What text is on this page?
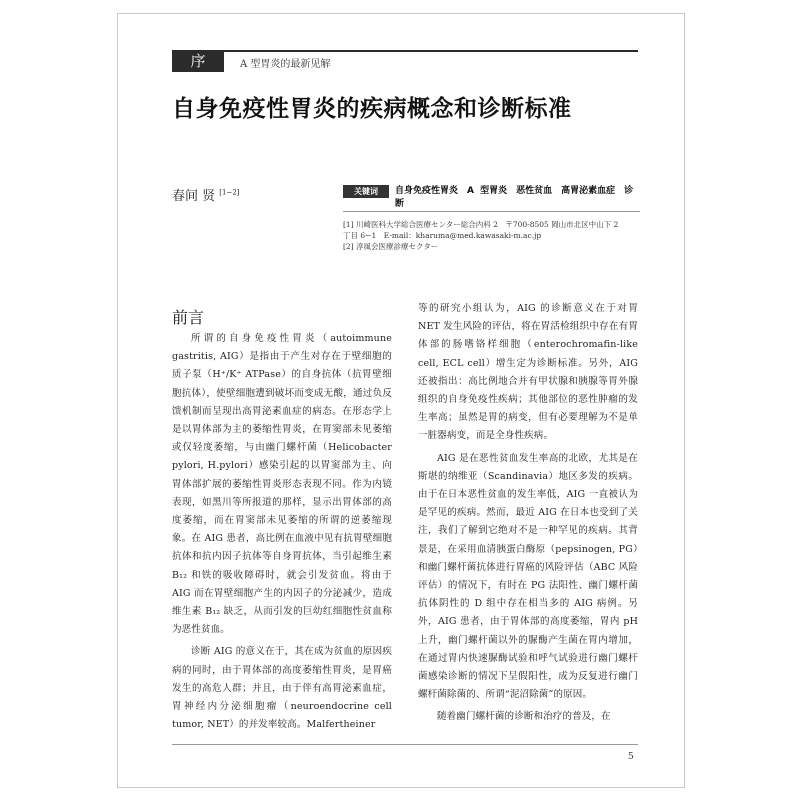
序	A 型胃炎的最新见解
自身免疫性胃炎的疾病概念和诊断标准
春间 贤 [1−2]	关键词	自身免疫性胃炎　A 型胃炎　恶性贫血　高胃泌素血症　诊断
[1] 川崎医科大学総合医療センター総合内科 2　〒700-8505 岡山市北区中山下 2
丁目 6−1　E-mail：kharuma@med.kawasaki-m.ac.jp
[2] 淳風会医療診療セクター
前言

所谓的自身免疫性胃炎（autoimmune gastritis, AIG）是指由于产生对存在于壁细胞的质子泵（H⁺/K⁺ ATPase）的自身抗体（抗胃壁细胞抗体），使壁细胞遭到破坏而变成无酸，通过负反馈机制而呈现出高胃泌素血症的病态。在形态学上是以胃体部为主的萎缩性胃炎，在胃窦部未见萎缩或仅轻度萎缩，与由幽门螺杆菌（Helicobacter pylori, H.pylori）感染引起的以胃窦部为主、向胃体部扩展的萎缩性胃炎形态表现不同。作为内镜表现，如黑川等所报道的那样，显示出胃体部的高度萎缩，而在胃窦部未见萎缩的所谓的逆萎缩现象。在 AIG 患者，高比例在血液中见有抗胃壁细胞抗体和抗内因子抗体等自身胃抗体，当引起维生素 B₁₂ 和铁的吸收障碍时，就会引发贫血。将由于 AIG 而在胃壁细胞产生的内因子的分泌减少，造成维生素 B₁₂ 缺乏，从而引发的巨幼红细胞性贫血称为恶性贫血。

诊断 AIG 的意义在于，其在成为贫血的原因疾病的同时，由于胃体部的高度萎缩性胃炎，是胃癌发生的高危人群；并且，由于伴有高胃泌素血症，胃神经内分泌细胞瘤（neuroendocrine cell tumor, NET）的并发率较高。Malfertheiner

等的研究小组认为，AIG 的诊断意义在于对胃 NET 发生风险的评估，将在胃活检组织中存在有胃体部的肠嗜铬样细胞（enterochromafin-like cell, ECL cell）增生定为诊断标准。另外，AIG 还被指出：高比例地合并有甲状腺和胰腺等胃外腺组织的自身免疫性疾病；其他部位的恶性肿瘤的发生率高；虽然是胃的病变，但有必要理解为不是单一脏器病变，而是全身性疾病。

AIG 是在恶性贫血发生率高的北欧，尤其是在斯堪的纳维亚（Scandinavia）地区多发的疾病。由于在日本恶性贫血的发生率低，AIG 一直被认为是罕见的疾病。然而，最近 AIG 在日本也受到了关注，我们了解到它绝对不是一种罕见的疾病。其背景是，在采用血清胰蛋白酶原（pepsinogen, PG）和幽门螺杆菌抗体进行胃癌的风险评估（ABC 风险评估）的情况下，有时在 PG 法阳性、幽门螺杆菌抗体阴性的 D 组中存在相当多的 AIG 病例。另外，AIG 患者，由于胃体部的高度萎缩，胃内 pH 上升，幽门螺杆菌以外的脲酶产生菌在胃内增加，在通过胃内快速脲酶试验和呼气试验进行幽门螺杆菌感染诊断的情况下呈假阳性，成为反复进行幽门螺杆菌除菌的、所谓“泥沼除菌”的原因。

随着幽门螺杆菌的诊断和治疗的普及，在

5
